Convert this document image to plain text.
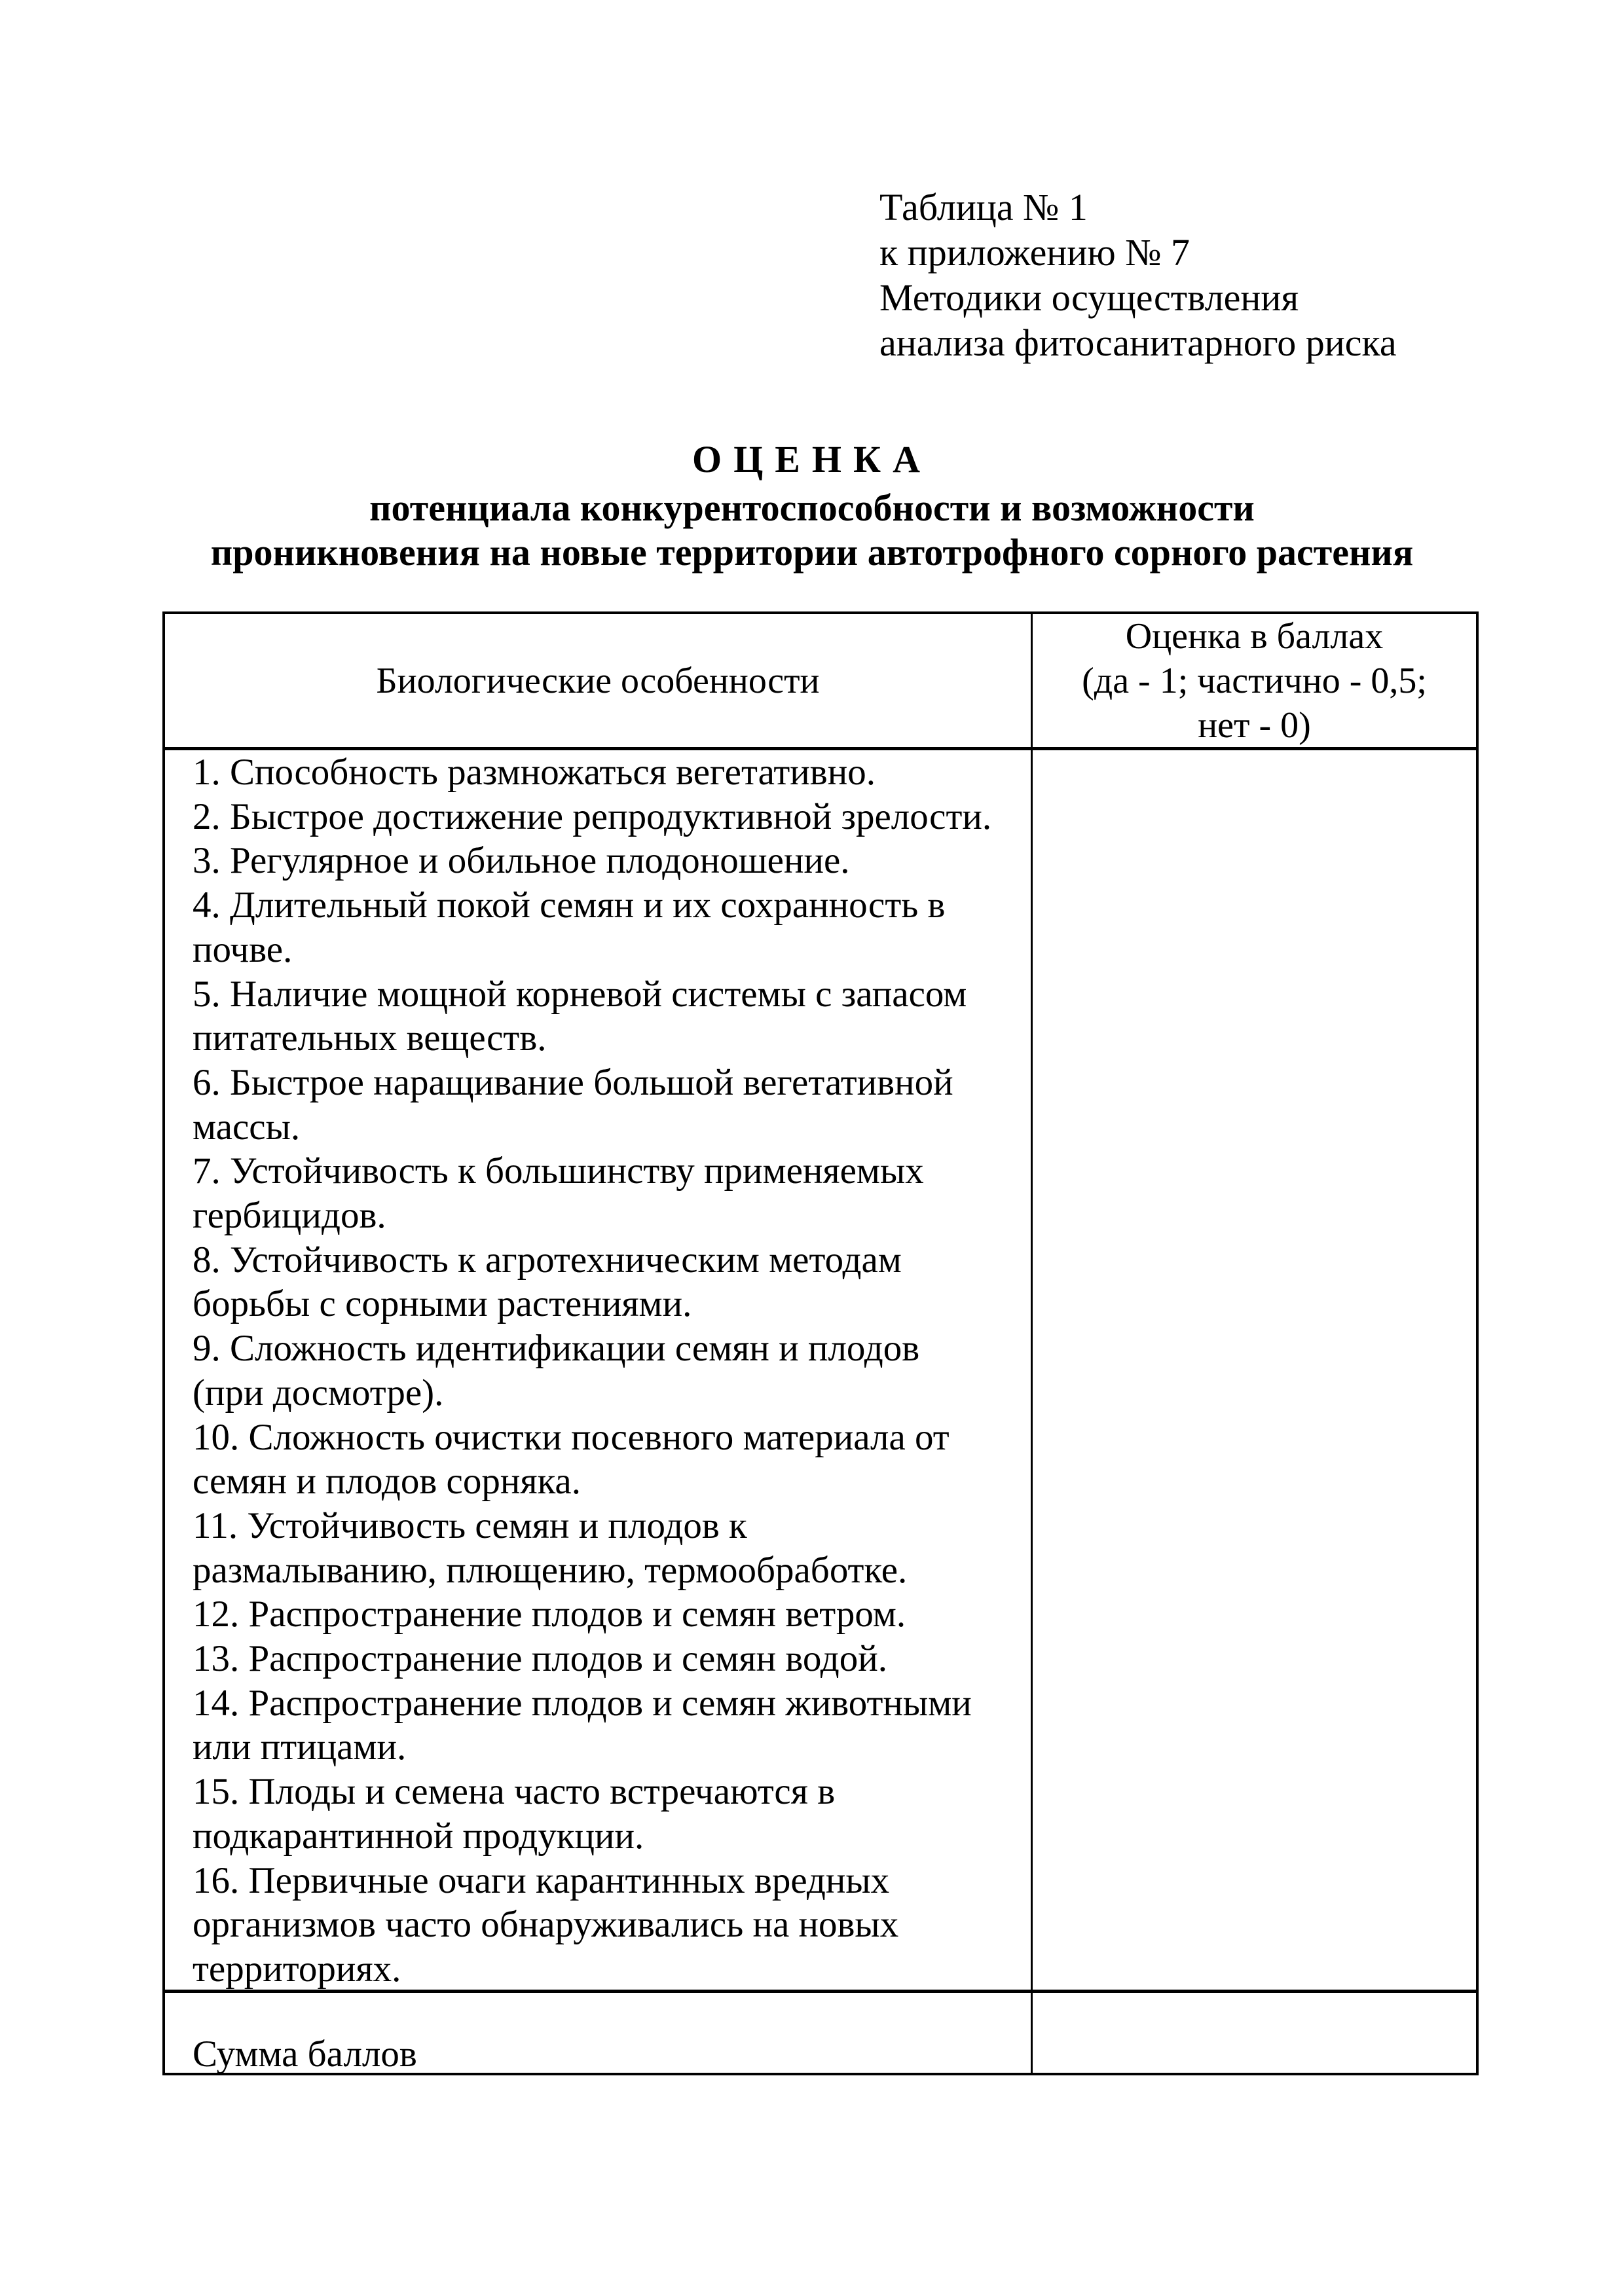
Таблица № 1
к приложению № 7
Методики осуществления
анализа фитосанитарного риска
ОЦЕНКА
потенциала конкурентоспособности и возможности
проникновения на новые территории автотрофного сорного растения
Биологические особенности
Оценка в баллах
(да - 1; частично - 0,5;
нет - 0)
1. Способность размножаться вегетативно.
2. Быстрое достижение репродуктивной зрелости.
3. Регулярное и обильное плодоношение.
4. Длительный покой семян и их сохранность в
почве.
5. Наличие мощной корневой системы с запасом
питательных веществ.
6. Быстрое наращивание большой вегетативной
массы.
7. Устойчивость к большинству применяемых
гербицидов.
8. Устойчивость к агротехническим методам
борьбы с сорными растениями.
9. Сложность идентификации семян и плодов
(при досмотре).
10. Сложность очистки посевного материала от
семян и плодов сорняка.
11. Устойчивость семян и плодов к
размалыванию, плющению, термообработке.
12. Распространение плодов и семян ветром.
13. Распространение плодов и семян водой.
14. Распространение плодов и семян животными
или птицами.
15. Плоды и семена часто встречаются в
подкарантинной продукции.
16. Первичные очаги карантинных вредных
организмов часто обнаруживались на новых
территориях.
Сумма баллов
